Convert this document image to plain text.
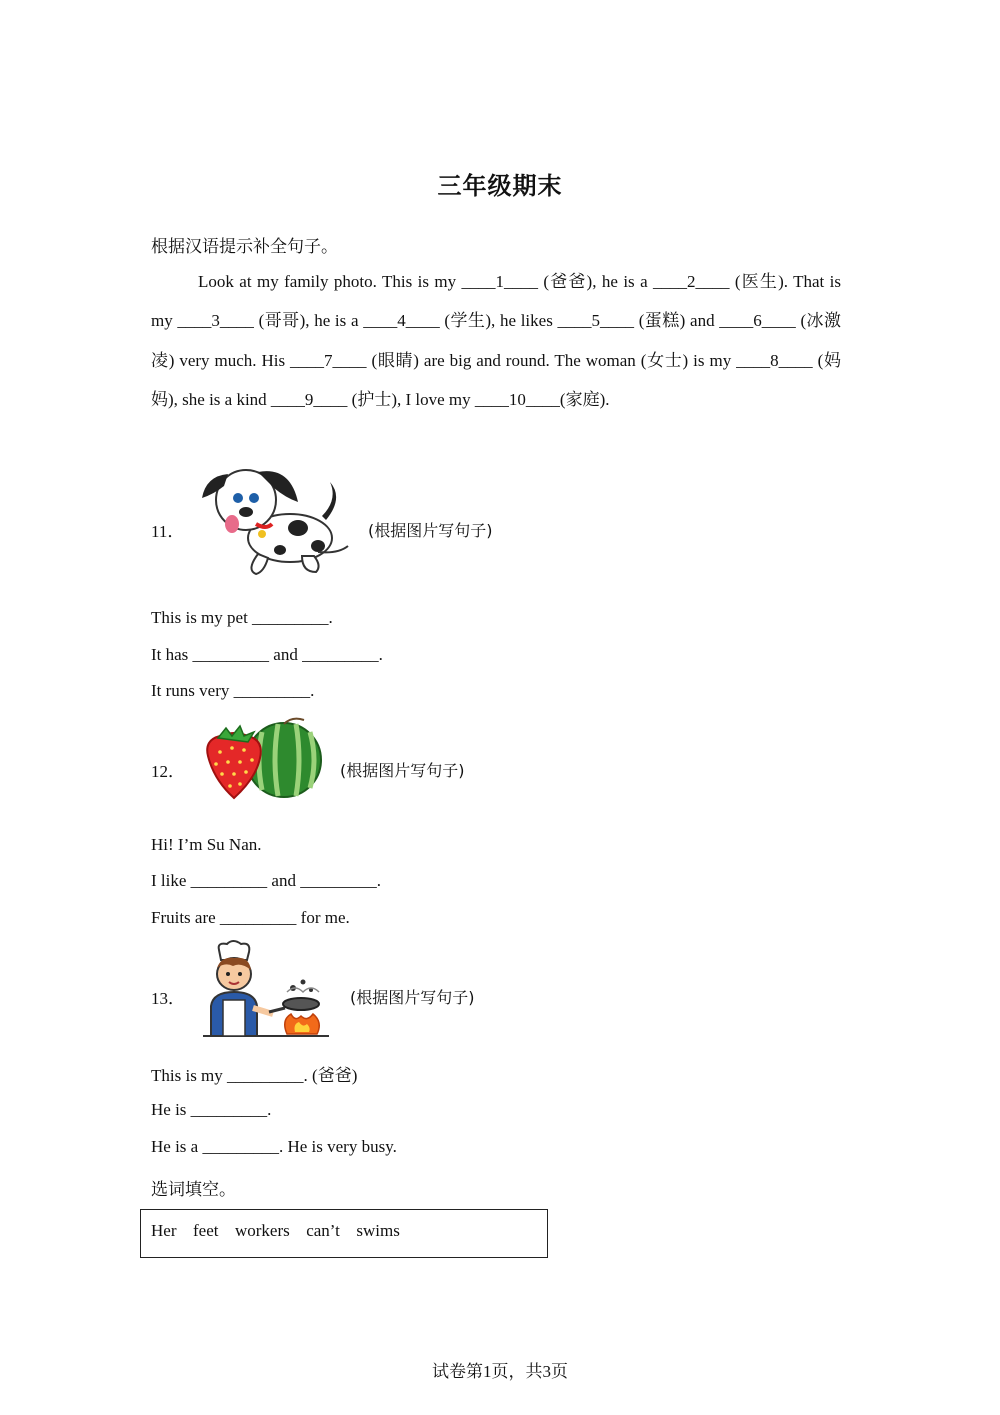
三年级期末
根据汉语提示补全句子。
Look at my family photo. This is my ____1____ (爸爸), he is a ____2____ (医生). That is my ____3____ (哥哥), he is a ____4____ (学生), he likes ____5____ (蛋糕) and ____6____ (冰激凌) very much. His ____7____ (眼睛) are big and round. The woman (女士) is my ____8____ (妈妈), she is a kind ____9____ (护士), I love my ____10____(家庭).
11．	(根据图片写句子)
This is my pet _________.
It has _________ and _________.
It runs very _________.
12．	(根据图片写句子)
Hi! I’m Su Nan.
I like _________ and _________.
Fruits are _________ for me.
13．	(根据图片写句子)
This is my _________. (爸爸)
He is _________.
He is a _________. He is very busy.
选词填空。
Her  feet  workers  can’t  swims
试卷第1页，共3页
